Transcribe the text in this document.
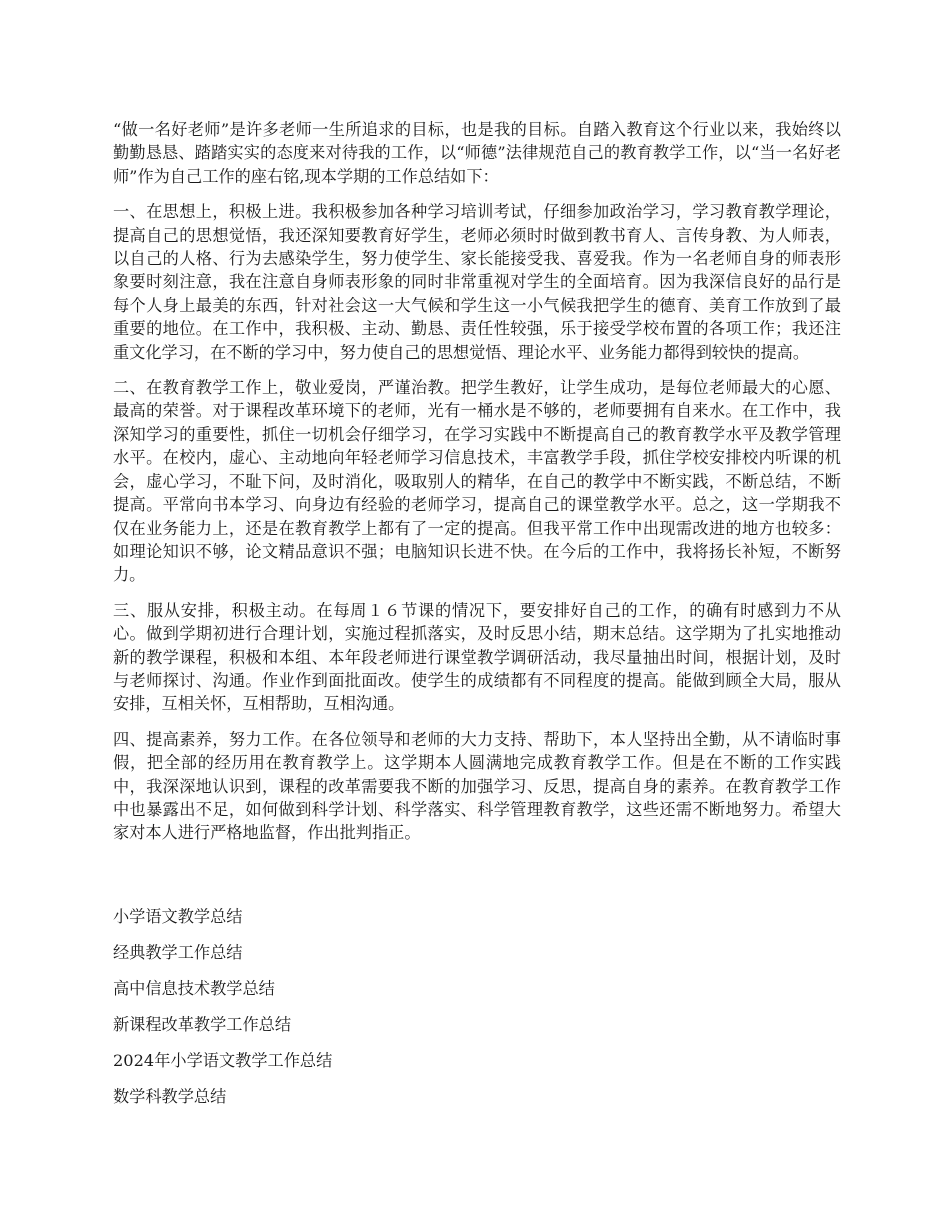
“做一名好老师”是许多老师一生所追求的目标，也是我的目标。自踏入教育这个行业以来，我始终以勤勤恳恳、踏踏实实的态度来对待我的工作，以“师德”法律规范自己的教育教学工作，以“当一名好老师”作为自己工作的座右铭,现本学期的工作总结如下：

一、在思想上，积极上进。我积极参加各种学习培训考试，仔细参加政治学习，学习教育教学理论，提高自己的思想觉悟，我还深知要教育好学生，老师必须时时做到教书育人、言传身教、为人师表，以自己的人格、行为去感染学生，努力使学生、家长能接受我、喜爱我。作为一名老师自身的师表形象要时刻注意，我在注意自身师表形象的同时非常重视对学生的全面培育。因为我深信良好的品行是每个人身上最美的东西，针对社会这一大气候和学生这一小气候我把学生的德育、美育工作放到了最重要的地位。在工作中，我积极、主动、勤恳、责任性较强，乐于接受学校布置的各项工作；我还注重文化学习，在不断的学习中，努力使自己的思想觉悟、理论水平、业务能力都得到较快的提高。

二、在教育教学工作上，敬业爱岗，严谨治教。把学生教好，让学生成功，是每位老师最大的心愿、最高的荣誉。对于课程改革环境下的老师，光有一桶水是不够的，老师要拥有自来水。在工作中，我深知学习的重要性，抓住一切机会仔细学习，在学习实践中不断提高自己的教育教学水平及教学管理水平。在校内，虚心、主动地向年轻老师学习信息技术，丰富教学手段，抓住学校安排校内听课的机会，虚心学习，不耻下问，及时消化，吸取别人的精华，在自己的教学中不断实践，不断总结，不断提高。平常向书本学习、向身边有经验的老师学习，提高自己的课堂教学水平。总之，这一学期我不仅在业务能力上，还是在教育教学上都有了一定的提高。但我平常工作中出现需改进的地方也较多：如理论知识不够，论文精品意识不强；电脑知识长进不快。在今后的工作中，我将扬长补短，不断努力。

三、服从安排，积极主动。在每周１６节课的情况下，要安排好自己的工作，的确有时感到力不从心。做到学期初进行合理计划，实施过程抓落实，及时反思小结，期末总结。这学期为了扎实地推动新的教学课程，积极和本组、本年段老师进行课堂教学调研活动，我尽量抽出时间，根据计划，及时与老师探讨、沟通。作业作到面批面改。使学生的成绩都有不同程度的提高。能做到顾全大局，服从安排，互相关怀，互相帮助，互相沟通。

四、提高素养，努力工作。在各位领导和老师的大力支持、帮助下，本人坚持出全勤，从不请临时事假，把全部的经历用在教育教学上。这学期本人圆满地完成教育教学工作。但是在不断的工作实践中，我深深地认识到，课程的改革需要我不断的加强学习、反思，提高自身的素养。在教育教学工作中也暴露出不足，如何做到科学计划、科学落实、科学管理教育教学，这些还需不断地努力。希望大家对本人进行严格地监督，作出批判指正。

小学语文教学总结
经典教学工作总结
高中信息技术教学总结
新课程改革教学工作总结
2024年小学语文教学工作总结
数学科教学总结
